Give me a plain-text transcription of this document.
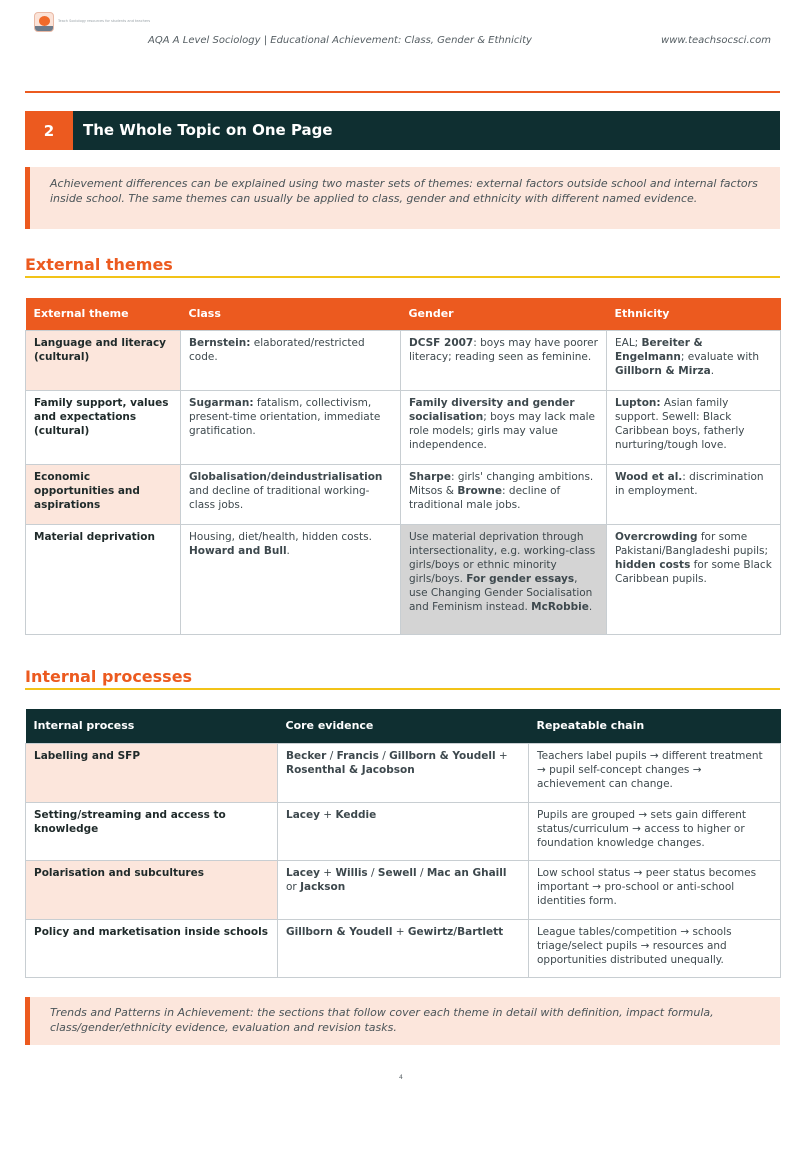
Teach Sociology resources for students and teachers
AQA A Level Sociology | Educational Achievement: Class, Gender & Ethnicity	www.teachsocsci.com
2	The Whole Topic on One Page
Achievement differences can be explained using two master sets of themes: external factors outside school and internal factors inside school. The same themes can usually be applied to class, gender and ethnicity with different named evidence.
External themes
External theme	Class	Gender	Ethnicity
Language and literacy (cultural)	Bernstein: elaborated/restricted code.	DCSF 2007: boys may have poorer literacy; reading seen as feminine.	EAL; Bereiter & Engelmann; evaluate with Gillborn & Mirza.
Family support, values and expectations (cultural)	Sugarman: fatalism, collectivism, present-time orientation, immediate gratification.	Family diversity and gender socialisation; boys may lack male role models; girls may value independence.	Lupton: Asian family support. Sewell: Black Caribbean boys, fatherly nurturing/tough love.
Economic opportunities and aspirations	Globalisation/deindustrialisation and decline of traditional working-class jobs.	Sharpe: girls' changing ambitions. Mitsos & Browne: decline of traditional male jobs.	Wood et al.: discrimination in employment.
Material deprivation	Housing, diet/health, hidden costs. Howard and Bull.	Use material deprivation through intersectionality, e.g. working-class girls/boys or ethnic minority girls/boys. For gender essays, use Changing Gender Socialisation and Feminism instead. McRobbie.	Overcrowding for some Pakistani/Bangladeshi pupils; hidden costs for some Black Caribbean pupils.
Internal processes
Internal process	Core evidence	Repeatable chain
Labelling and SFP	Becker / Francis / Gillborn & Youdell + Rosenthal & Jacobson	Teachers label pupils → different treatment → pupil self-concept changes → achievement can change.
Setting/streaming and access to knowledge	Lacey + Keddie	Pupils are grouped → sets gain different status/curriculum → access to higher or foundation knowledge changes.
Polarisation and subcultures	Lacey + Willis / Sewell / Mac an Ghaill or Jackson	Low school status → peer status becomes important → pro-school or anti-school identities form.
Policy and marketisation inside schools	Gillborn & Youdell + Gewirtz/Bartlett	League tables/competition → schools triage/select pupils → resources and opportunities distributed unequally.
Trends and Patterns in Achievement: the sections that follow cover each theme in detail with definition, impact formula, class/gender/ethnicity evidence, evaluation and revision tasks.
4
